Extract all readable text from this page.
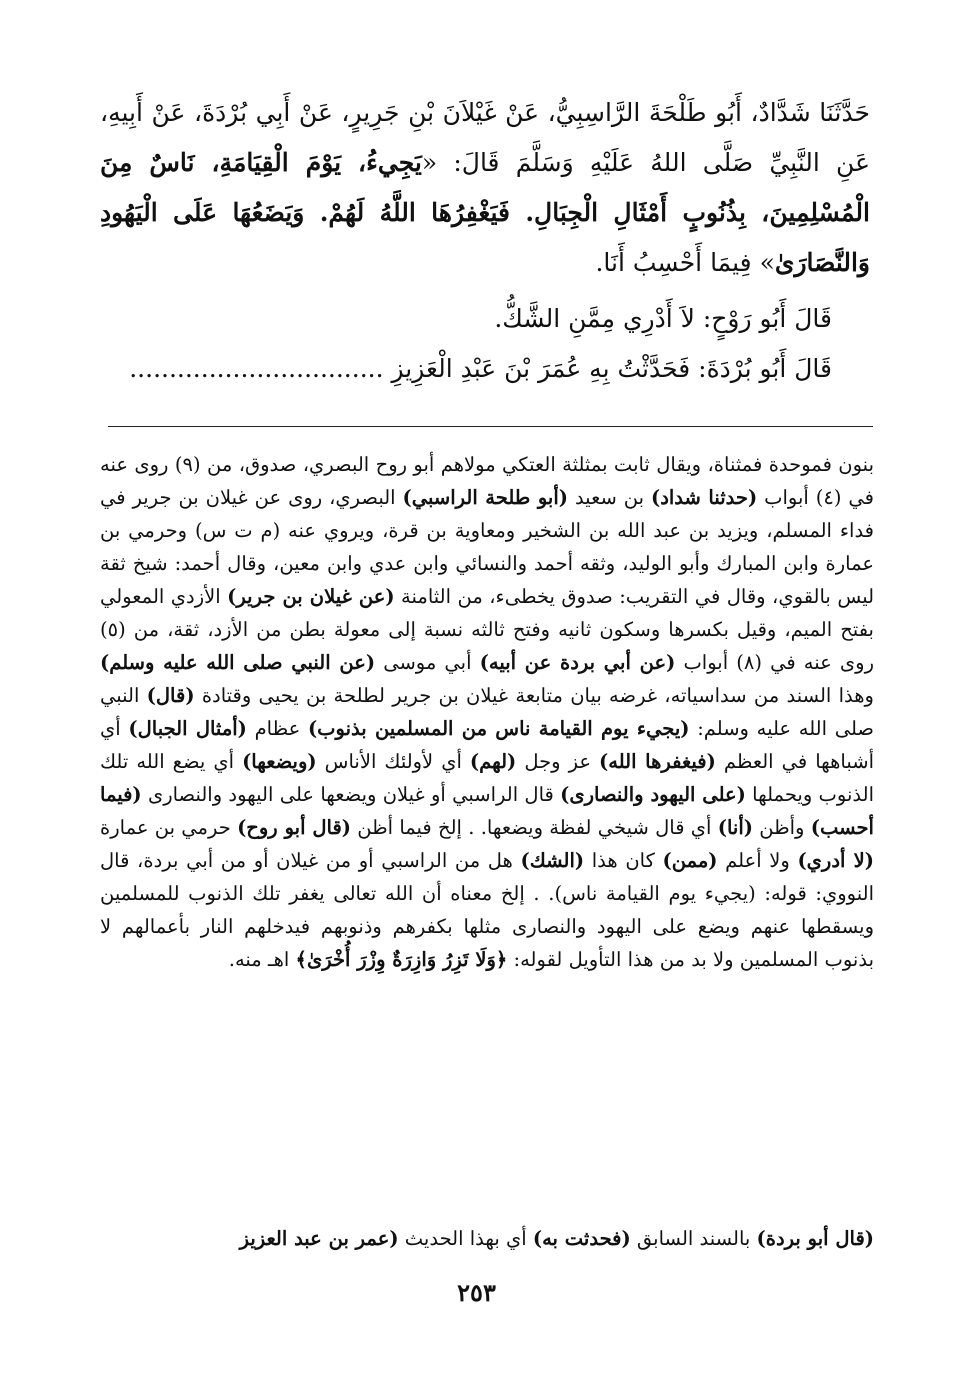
حَدَّثَنَا شَدَّادٌ، أَبُو طَلْحَةَ الرَّاسِبِيُّ، عَنْ غَيْلاَنَ بْنِ جَرِيرٍ، عَنْ أَبِي بُرْدَةَ، عَنْ أَبِيهِ، عَنِ النَّبِيِّ صَلَّى اللهُ عَلَيْهِ وَسَلَّمَ قَالَ: «يَجِيءُ، يَوْمَ الْقِيَامَةِ، نَاسٌ مِنَ الْمُسْلِمِينَ، بِذُنُوبٍ أَمْثَالِ الْجِبَالِ. فَيَغْفِرُهَا اللَّهُ لَهُمْ. وَيَضَعُهَا عَلَى الْيَهُودِ وَالنَّصَارَىٰ» فِيمَا أَحْسِبُ أَنَا.

قَالَ أَبُو رَوْحٍ: لاَ أَدْرِي مِمَّنِ الشَّكُّ.

قَالَ أَبُو بُرْدَةَ: فَحَدَّثْتُ بِهِ عُمَرَ بْنَ عَبْدِ الْعَزِيزِ ................................

بنون فموحدة فمثناة، ويقال ثابت بمثلثة العتكي مولاهم أبو روح البصري، صدوق، من (٩) روى عنه في (٤) أبواب (حدثنا شداد) بن سعيد (أبو طلحة الراسبي) البصري، روى عن غيلان بن جرير في فداء المسلم، ويزيد بن عبد الله بن الشخير ومعاوية بن قرة، ويروي عنه (م ت س) وحرمي بن عمارة وابن المبارك وأبو الوليد، وثقه أحمد والنسائي وابن عدي وابن معين، وقال أحمد: شيخ ثقة ليس بالقوي، وقال في التقريب: صدوق يخطىء، من الثامنة (عن غيلان بن جرير) الأزدي المعولي بفتح الميم، وقيل بكسرها وسكون ثانيه وفتح ثالثه نسبة إلى معولة بطن من الأزد، ثقة، من (٥) روى عنه في (٨) أبواب (عن أبي بردة عن أبيه) أبي موسى (عن النبي صلى الله عليه وسلم) وهذا السند من سداسياته، غرضه بيان متابعة غيلان بن جرير لطلحة بن يحيى وقتادة (قال) النبي صلى الله عليه وسلم: (يجيء يوم القيامة ناس من المسلمين بذنوب) عظام (أمثال الجبال) أي أشباهها في العظم (فيغفرها الله) عز وجل (لهم) أي لأولئك الأناس (ويضعها) أي يضع الله تلك الذنوب ويحملها (على اليهود والنصارى) قال الراسبي أو غيلان ويضعها على اليهود والنصارى (فيما أحسب) وأظن (أنا) أي قال شيخي لفظة ويضعها. . إلخ فيما أظن (قال أبو روح) حرمي بن عمارة (لا أدري) ولا أعلم (ممن) كان هذا (الشك) هل من الراسبي أو من غيلان أو من أبي بردة، قال النووي: قوله: (يجيء يوم القيامة ناس). . إلخ معناه أن الله تعالى يغفر تلك الذنوب للمسلمين ويسقطها عنهم ويضع على اليهود والنصارى مثلها بكفرهم وذنوبهم فيدخلهم النار بأعمالهم لا بذنوب المسلمين ولا بد من هذا التأويل لقوله: ﴿وَلَا تَزِرُ وَازِرَةٌ وِزْرَ أُخْرَىٰ﴾ اهـ منه.

(قال أبو بردة) بالسند السابق (فحدثت به) أي بهذا الحديث (عمر بن عبد العزيز

٢٥٣
